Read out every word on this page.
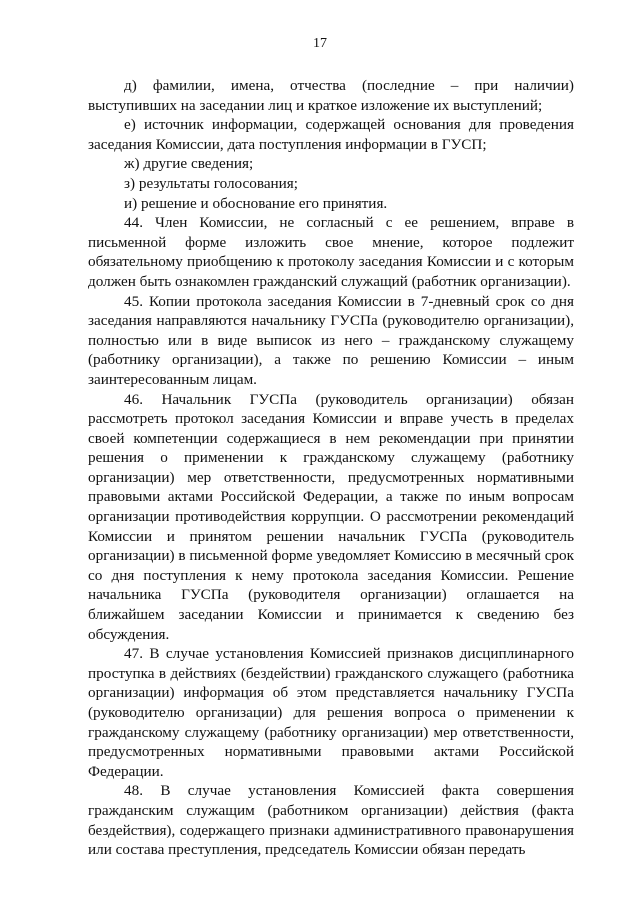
17

д) фамилии, имена, отчества (последние – при наличии) выступивших на заседании лиц и краткое изложение их выступлений;

е) источник информации, содержащей основания для проведения заседания Комиссии, дата поступления информации в ГУСП;

ж) другие сведения;

з) результаты голосования;

и) решение и обоснование его принятия.

44. Член Комиссии, не согласный с ее решением, вправе в письменной форме изложить свое мнение, которое подлежит обязательному приобщению к протоколу заседания Комиссии и с которым должен быть ознакомлен гражданский служащий (работник организации).

45. Копии протокола заседания Комиссии в 7-дневный срок со дня заседания направляются начальнику ГУСПа (руководителю организации), полностью или в виде выписок из него – гражданскому служащему (работнику организации), а также по решению Комиссии – иным заинтересованным лицам.

46. Начальник ГУСПа (руководитель организации) обязан рассмотреть протокол заседания Комиссии и вправе учесть в пределах своей компетенции содержащиеся в нем рекомендации при принятии решения о применении к гражданскому служащему (работнику организации) мер ответственности, предусмотренных нормативными правовыми актами Российской Федерации, а также по иным вопросам организации противодействия коррупции. О рассмотрении рекомендаций Комиссии и принятом решении начальник ГУСПа (руководитель организации) в письменной форме уведомляет Комиссию в месячный срок со дня поступления к нему протокола заседания Комиссии. Решение начальника ГУСПа (руководителя организации) оглашается на ближайшем заседании Комиссии и принимается к сведению без обсуждения.

47. В случае установления Комиссией признаков дисциплинарного проступка в действиях (бездействии) гражданского служащего (работника организации) информация об этом представляется начальнику ГУСПа (руководителю организации) для решения вопроса о применении к гражданскому служащему (работнику организации) мер ответственности, предусмотренных нормативными правовыми актами Российской Федерации.

48. В случае установления Комиссией факта совершения гражданским служащим (работником организации) действия (факта бездействия), содержащего признаки административного правонарушения или состава преступления, председатель Комиссии обязан передать
